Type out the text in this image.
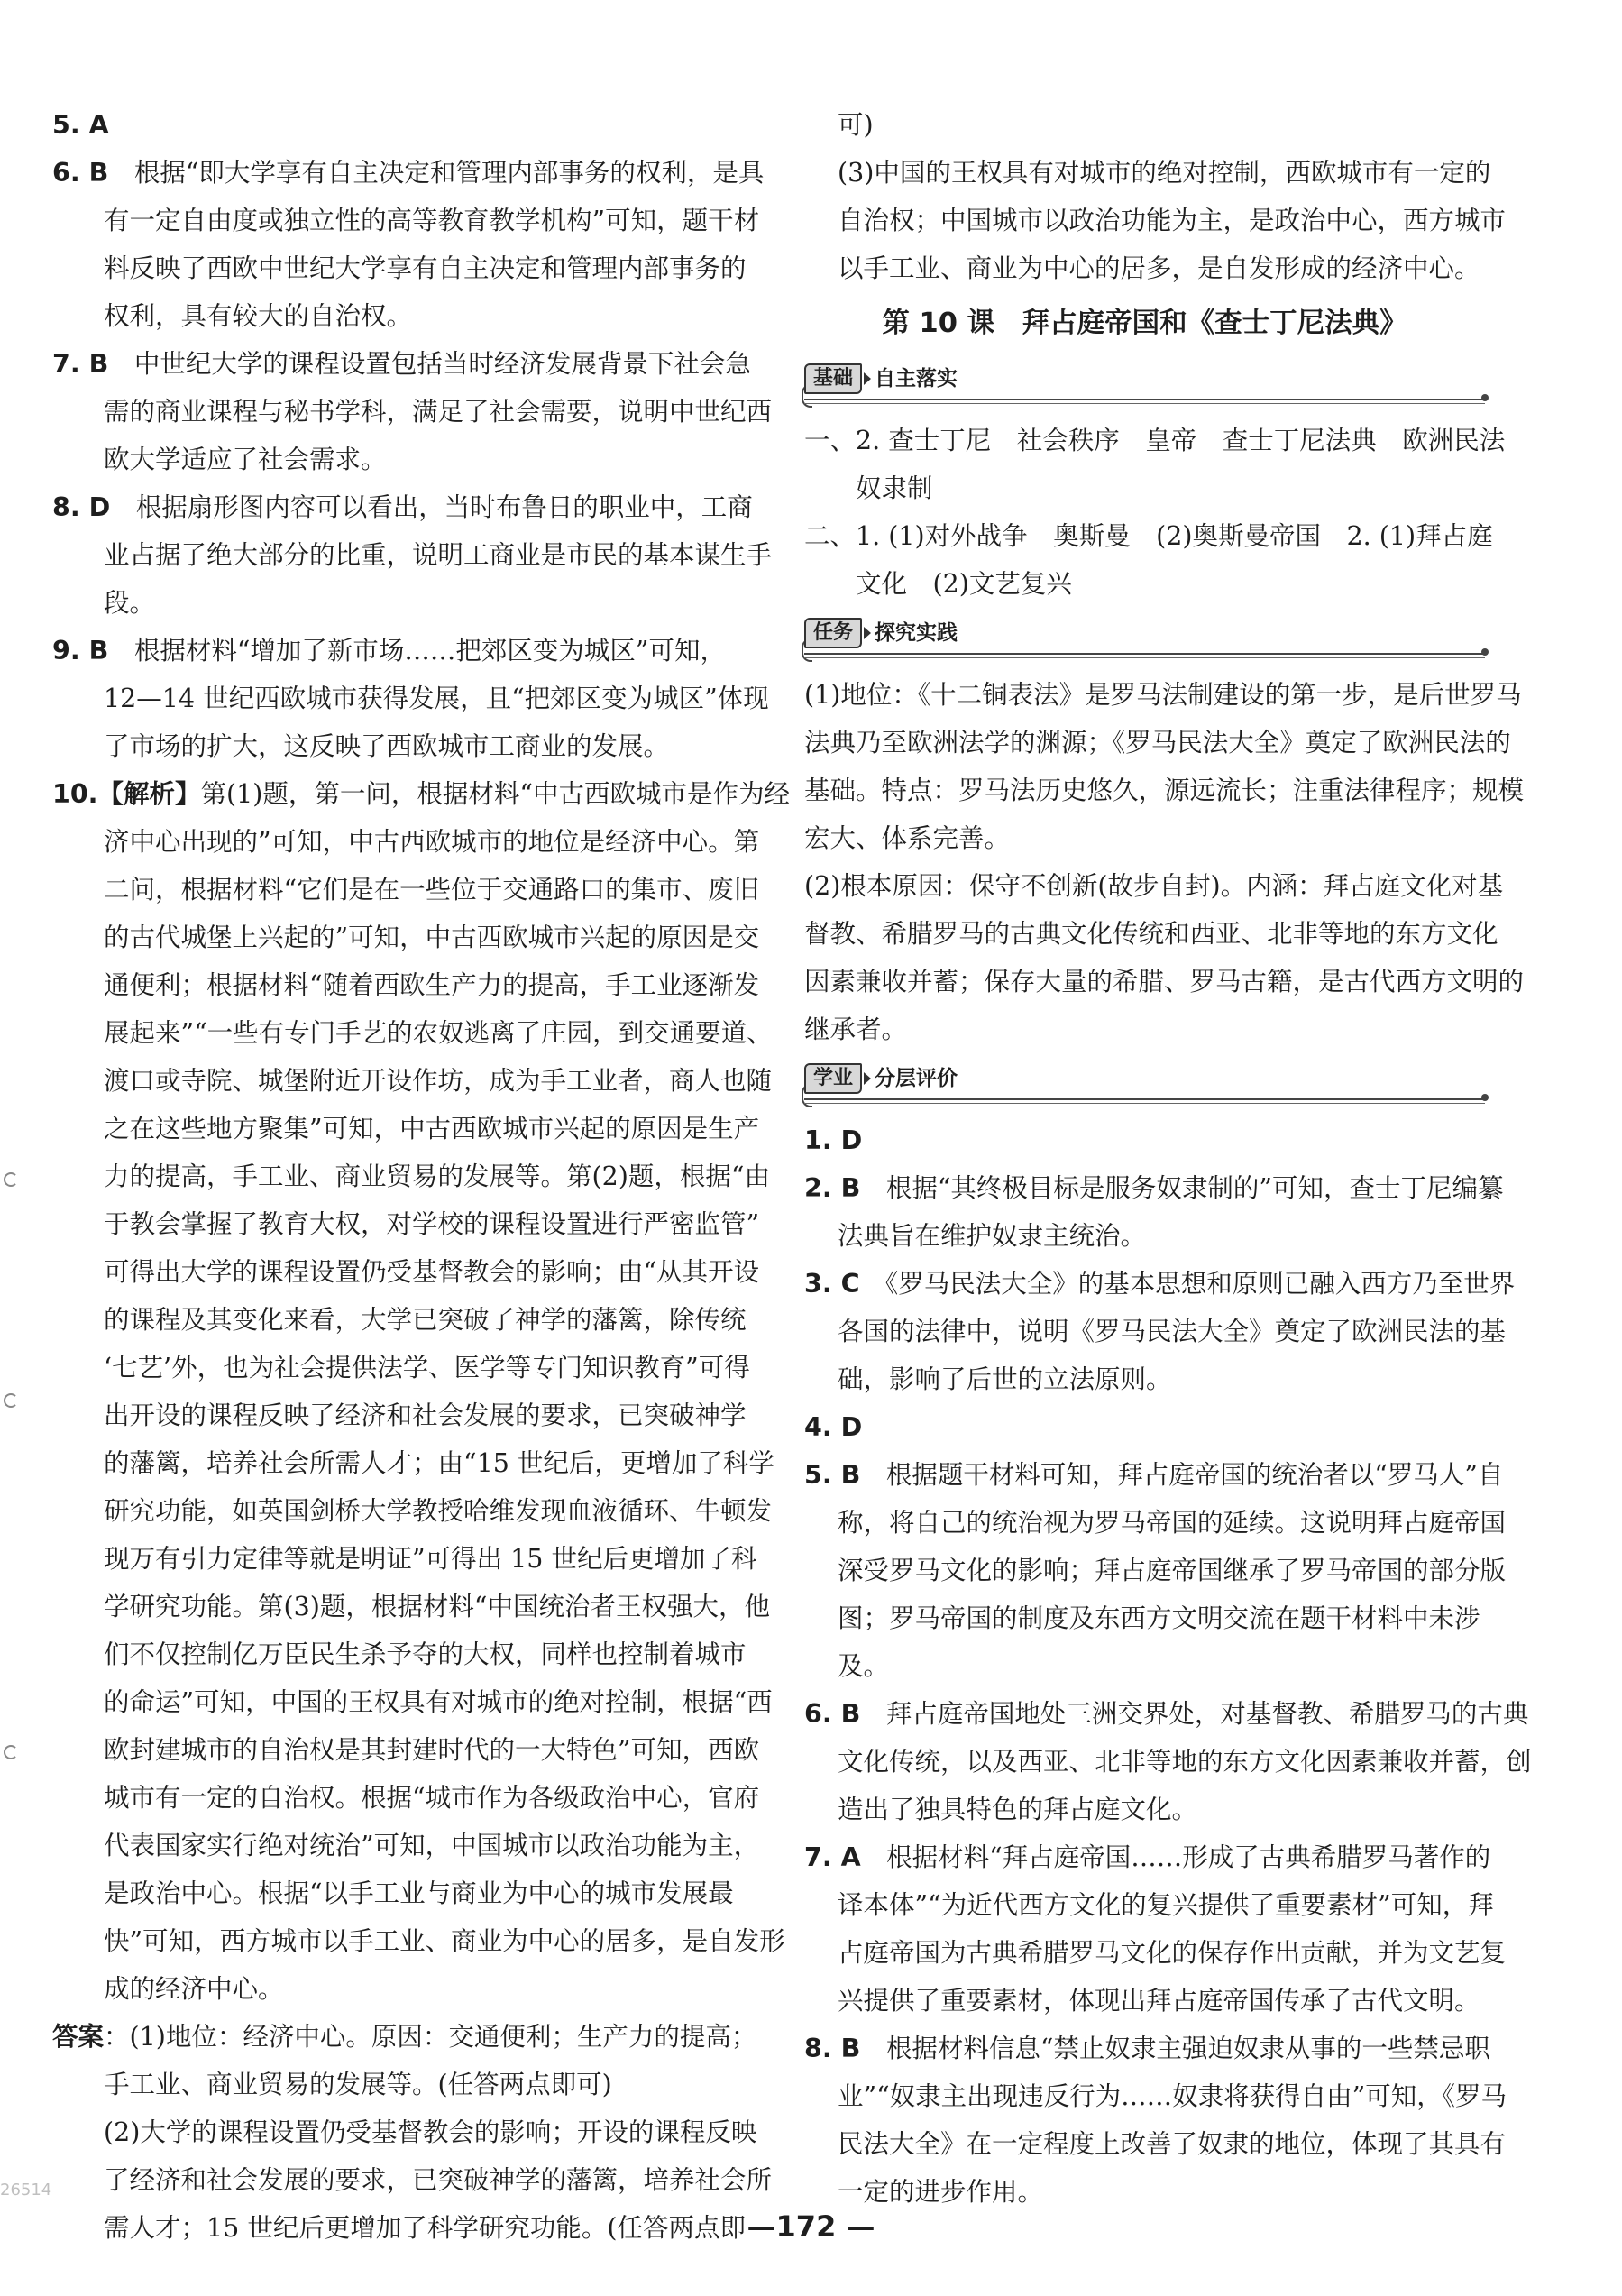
5. A
6. B　根据“即大学享有自主决定和管理内部事务的权利，是具
有一定自由度或独立性的高等教育教学机构”可知，题干材
料反映了西欧中世纪大学享有自主决定和管理内部事务的
权利，具有较大的自治权。
7. B　中世纪大学的课程设置包括当时经济发展背景下社会急
需的商业课程与秘书学科，满足了社会需要，说明中世纪西
欧大学适应了社会需求。
8. D　根据扇形图内容可以看出，当时布鲁日的职业中，工商
业占据了绝大部分的比重，说明工商业是市民的基本谋生手
段。
9. B　根据材料“增加了新市场……把郊区变为城区”可知，
12—14 世纪西欧城市获得发展，且“把郊区变为城区”体现
了市场的扩大，这反映了西欧城市工商业的发展。
10.【解析】第(1)题，第一问，根据材料“中古西欧城市是作为经
济中心出现的”可知，中古西欧城市的地位是经济中心。第
二问，根据材料“它们是在一些位于交通路口的集市、废旧
的古代城堡上兴起的”可知，中古西欧城市兴起的原因是交
通便利；根据材料“随着西欧生产力的提高，手工业逐渐发
展起来”“一些有专门手艺的农奴逃离了庄园，到交通要道、
渡口或寺院、城堡附近开设作坊，成为手工业者，商人也随
之在这些地方聚集”可知，中古西欧城市兴起的原因是生产
力的提高，手工业、商业贸易的发展等。第(2)题，根据“由
于教会掌握了教育大权，对学校的课程设置进行严密监管”
可得出大学的课程设置仍受基督教会的影响；由“从其开设
的课程及其变化来看，大学已突破了神学的藩篱，除传统
‘七艺’外，也为社会提供法学、医学等专门知识教育”可得
出开设的课程反映了经济和社会发展的要求，已突破神学
的藩篱，培养社会所需人才；由“15 世纪后，更增加了科学
研究功能，如英国剑桥大学教授哈维发现血液循环、牛顿发
现万有引力定律等就是明证”可得出 15 世纪后更增加了科
学研究功能。第(3)题，根据材料“中国统治者王权强大，他
们不仅控制亿万臣民生杀予夺的大权，同样也控制着城市
的命运”可知，中国的王权具有对城市的绝对控制，根据“西
欧封建城市的自治权是其封建时代的一大特色”可知，西欧
城市有一定的自治权。根据“城市作为各级政治中心，官府
代表国家实行绝对统治”可知，中国城市以政治功能为主，
是政治中心。根据“以手工业与商业为中心的城市发展最
快”可知，西方城市以手工业、商业为中心的居多，是自发形
成的经济中心。
答案：(1)地位：经济中心。原因：交通便利；生产力的提高；
手工业、商业贸易的发展等。(任答两点即可)
(2)大学的课程设置仍受基督教会的影响；开设的课程反映
了经济和社会发展的要求，已突破神学的藩篱，培养社会所
需人才；15 世纪后更增加了科学研究功能。(任答两点即
可)
(3)中国的王权具有对城市的绝对控制，西欧城市有一定的
自治权；中国城市以政治功能为主，是政治中心，西方城市
以手工业、商业为中心的居多，是自发形成的经济中心。
第 10 课　拜占庭帝国和《查士丁尼法典》
基础	自主落实
一、2. 查士丁尼　社会秩序　皇帝　查士丁尼法典　欧洲民法
奴隶制
二、1. (1)对外战争　奥斯曼　(2)奥斯曼帝国　2. (1)拜占庭
文化　(2)文艺复兴
任务	探究实践
(1)地位：《十二铜表法》是罗马法制建设的第一步，是后世罗马
法典乃至欧洲法学的渊源；《罗马民法大全》奠定了欧洲民法的
基础。特点：罗马法历史悠久，源远流长；注重法律程序；规模
宏大、体系完善。
(2)根本原因：保守不创新(故步自封)。内涵：拜占庭文化对基
督教、希腊罗马的古典文化传统和西亚、北非等地的东方文化
因素兼收并蓄；保存大量的希腊、罗马古籍，是古代西方文明的
继承者。
学业	分层评价
1. D
2. B　根据“其终极目标是服务奴隶制的”可知，查士丁尼编纂
法典旨在维护奴隶主统治。
3. C　《罗马民法大全》的基本思想和原则已融入西方乃至世界
各国的法律中，说明《罗马民法大全》奠定了欧洲民法的基
础，影响了后世的立法原则。
4. D
5. B　根据题干材料可知，拜占庭帝国的统治者以“罗马人”自
称，将自己的统治视为罗马帝国的延续。这说明拜占庭帝国
深受罗马文化的影响；拜占庭帝国继承了罗马帝国的部分版
图；罗马帝国的制度及东西方文明交流在题干材料中未涉
及。
6. B　拜占庭帝国地处三洲交界处，对基督教、希腊罗马的古典
文化传统，以及西亚、北非等地的东方文化因素兼收并蓄，创
造出了独具特色的拜占庭文化。
7. A　根据材料“拜占庭帝国……形成了古典希腊罗马著作的
译本体”“为近代西方文化的复兴提供了重要素材”可知，拜
占庭帝国为古典希腊罗马文化的保存作出贡献，并为文艺复
兴提供了重要素材，体现出拜占庭帝国传承了古代文明。
8. B　根据材料信息“禁止奴隶主强迫奴隶从事的一些禁忌职
业”“奴隶主出现违反行为……奴隶将获得自由”可知，《罗马
民法大全》在一定程度上改善了奴隶的地位，体现了其具有
一定的进步作用。
26514
—172 —
